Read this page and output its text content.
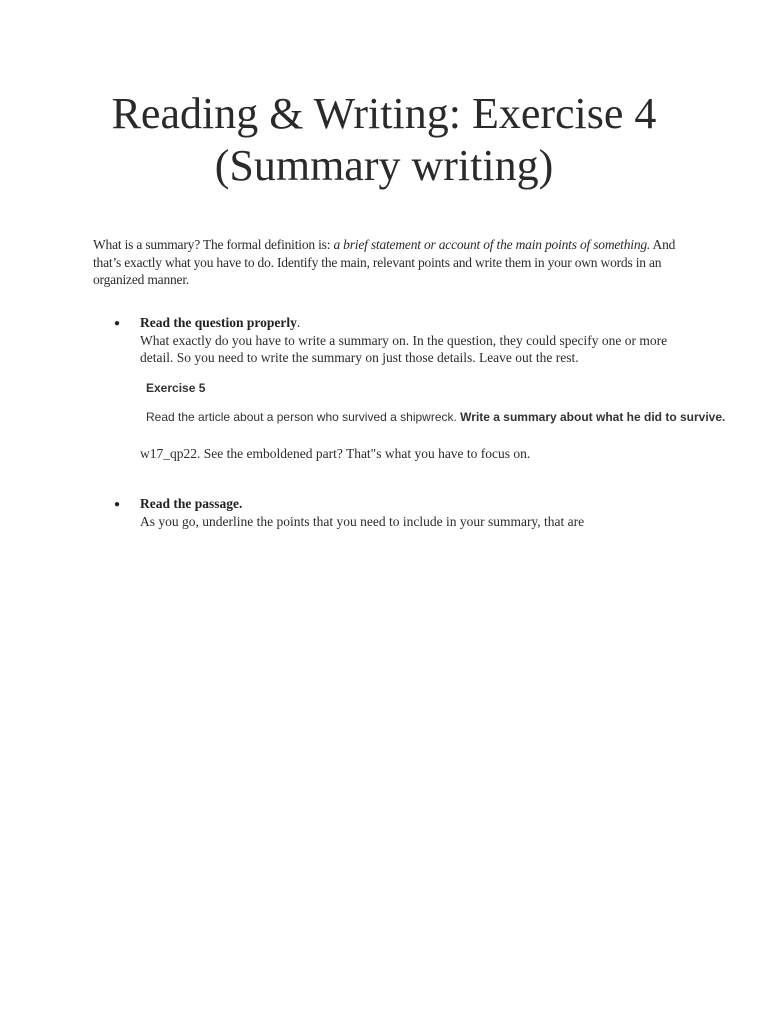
Reading & Writing: Exercise 4
(Summary writing)
What is a summary? The formal definition is: a brief statement or account of the main points of something. And that’s exactly what you have to do. Identify the main, relevant points and write them in your own words in an organized manner.
● Read the question properly.
What exactly do you have to write a summary on. In the question, they could specify one or more detail. So you need to write the summary on just those details. Leave out the rest.
Exercise 5
Read the article about a person who survived a shipwreck. Write a summary about what he did to survive.
w17_qp22. See the emboldened part? That"s what you have to focus on.
● Read the passage.
As you go, underline the points that you need to include in your summary, that are
